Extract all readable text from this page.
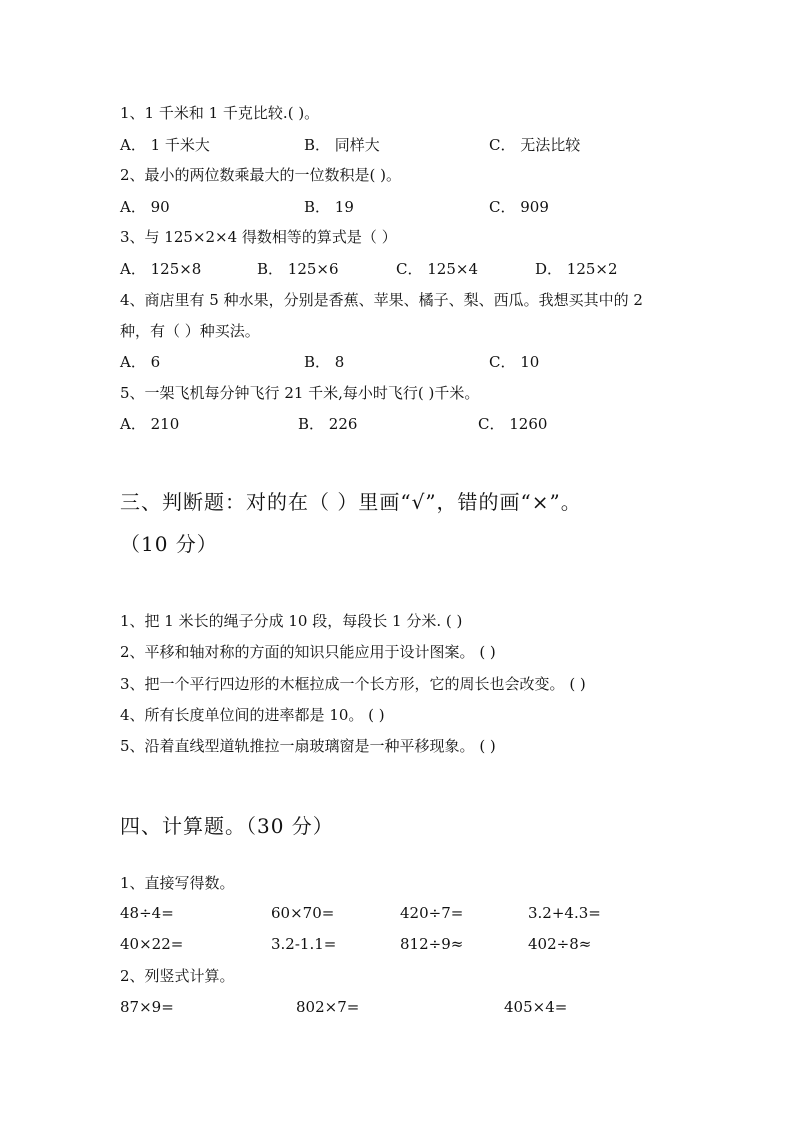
1、1 千米和 1 千克比较.( )。
A． 1 千米大	B． 同样大	C． 无法比较
2、最小的两位数乘最大的一位数积是( )。
A． 90	B． 19	C． 909
3、与 125×2×4 得数相等的算式是（ ）
A． 125×8	B． 125×6	C． 125×4	D． 125×2
4、商店里有 5 种水果，分别是香蕉、苹果、橘子、梨、西瓜。我想买其中的 2
种，有（ ）种买法。
A． 6	B． 8	C． 10
5、一架飞机每分钟飞行 21 千米,每小时飞行( )千米。
A． 210	B． 226	C． 1260
三、判断题：对的在（ ）里画“√”，错的画“×”。
（10 分）
1、把 1 米长的绳子分成 10 段，每段长 1 分米. ( )
2、平移和轴对称的方面的知识只能应用于设计图案。 ( )
3、把一个平行四边形的木框拉成一个长方形，它的周长也会改变。 ( )
4、所有长度单位间的进率都是 10。 ( )
5、沿着直线型道轨推拉一扇玻璃窗是一种平移现象。 ( )
四、计算题。（30 分）
1、直接写得数。
48÷4=	60×70=	420÷7=	3.2+4.3=
40×22=	3.2-1.1=	812÷9≈	402÷8≈
2、列竖式计算。
87×9=	802×7=	405×4=
